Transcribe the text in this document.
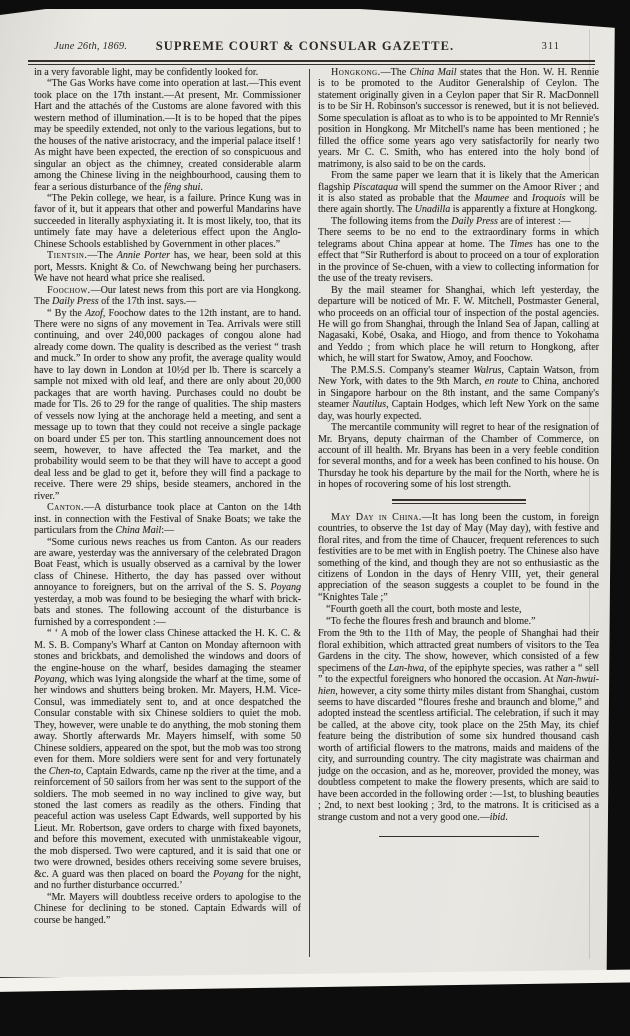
June 26th, 1869.	SUPREME COURT & CONSULAR GAZETTE.	311

in a very favorable light, may be confidently looked for.

“The Gas Works have come into operation at last.—This event took place on the 17th instant.—At present, Mr. Commissioner Hart and the attachés of the Customs are alone favored with this western method of illumination.—It is to be hoped that the pipes may be speedily extended, not only to the various legations, but to the houses of the native aristocracy, and the imperial palace itself ! As might have been expected, the erection of so conspicuous and singular an object as the chimney, created considerable alarm among the Chinese living in the neighbourhood, causing them to fear a serious disturbance of the fêng shui.

“The Pekin college, we hear, is a failure. Prince Kung was in favor of it, but it appears that other and powerful Mandarins have succeeded in literally asphyxiating it. It is most likely, too, that its untimely fate may have a deleterious effect upon the Anglo-Chinese Schools established by Government in other places.”

Tientsin.—The Annie Porter has, we hear, been sold at this port, Messrs. Knight & Co. of Newchwang being her purchasers. We have not heard what price she realised.

Foochow.—Our latest news from this port are via Hongkong. The Daily Press of the 17th inst. says.—

“ By the Azof, Foochow dates to the 12th instant, are to hand. There were no signs of any movement in Tea. Arrivals were still continuing, and over 240,000 packages of congou alone had already come down. The quality is described as the veriest “ trash and muck.” In order to show any profit, the average quality would have to lay down in London at 10½d per lb. There is scarcely a sample not mixed with old leaf, and there are only about 20,000 packages that are worth having. Purchases could no doubt be made for Tls. 26 to 29 for the range of qualities. The ship masters of vessels now lying at the anchorage held a meeting, and sent a message up to town that they could not receive a single package on board under £5 per ton. This startling announcement does not seem, however, to have affected the Tea market, and the probability would seem to be that they will have to accept a good deal less and be glad to get it, before they will find a package to receive. There were 29 ships, beside steamers, anchored in the river.”

Canton.—A disturbance took place at Canton on the 14th inst. in connection with the Festival of Snake Boats; we take the particulars from the China Mail:—

“Some curious news reaches us from Canton. As our readers are aware, yesterday was the anniversary of the celebrated Dragon Boat Feast, which is usually observed as a carnival by the lower class of Chinese. Hitherto, the day has passed over without annoyance to foreigners, but on the arrival of the S. S. Poyang yesterday, a mob was found to be besieging the wharf with brick-bats and stones. The following account of the disturbance is furnished by a correspondent :—

“ ‘ A mob of the lower class Chinese attacked the H. K. C. & M. S. B. Company's Wharf at Canton on Monday afternoon with stones and brickbats, and demolished the windows and doors of the engine-house on the wharf, besides damaging the steamer Poyang, which was lying alongside the wharf at the time, some of her windows and shutters being broken. Mr. Mayers, H.M. Vice-Consul, was immediately sent to, and at once despatched the Consular constable with six Chinese soldiers to quiet the mob. They, however, were unable te do anything, the mob stoning them away. Shortly afterwards Mr. Mayers himself, with some 50 Chinese soldiers, appeared on the spot, but the mob was too strong even for them. More soldiers were sent for and very fortunately the Chen-to, Captain Edwards, came np the river at the time, and a reinforcement of 50 sailors from her was sent to the support of the soldiers. The mob seemed in no way inclined to give way, but stoned the last comers as readily as the others. Finding that peaceful action was useless Capt Edwards, well supported by his Lieut. Mr. Robertson, gave orders to charge with fixed bayonets, and before this movement, executed with unmistakeable vigour, the mob dispersed. Two were captured, and it is said that one or two were drowned, besides others receiving some severe bruises, &c. A guard was then placed on board the Poyang for the night, and no further disturbance occurred.’

“Mr. Mayers will doubtless receive orders to apologise to the Chinese for declining to be stoned. Captain Edwards will of course be hanged.”

Hongkong.—The China Mail states that the Hon. W. H. Rennie is to be promoted to the Auditor Generalship of Ceylon. The statement originally given in a Ceylon paper that Sir R. MacDonnell is to be Sir H. Robinson's successor is renewed, but it is not believed. Some speculation is afloat as to who is to be appointed to Mr Rennie's position in Hongkong. Mr Mitchell's name has been mentioned ; he filled the office some years ago very satisfactorily for nearly two years. Mr C. C. Smith, who has entered into the holy bond of matrimony, is also said to be on the cards.

From the same paper we learn that it is likely that the American flagship Piscataqua will spend the summer on the Amoor River ; and it is also stated as probable that the Maumee and Iroquois will be there again shortly. The Unadilla is apparently a fixture at Hongkong.

The following items from the Daily Press are of interest :—

There seems to be no end to the extraordinary forms in which telegrams about China appear at home. The Times has one to the effect that “Sir Rutherford is about to proceed on a tour of exploration in the province of Se-chuen, with a view to collecting information for the use of the treaty revisers.

By the mail steamer for Shanghai, which left yesterday, the departure will be noticed of Mr. F. W. Mitchell, Postmaster General, who proceeds on an official tour of inspection of the postal agencies. He will go from Shanghai, through the Inland Sea of Japan, calling at Nagasaki, Kobé, Osaka, and Hiogo, and from thence to Yokohama and Yeddo ; from which place he will return to Hongkong, after which, he will start for Swatow, Amoy, and Foochow.

The P.M.S.S. Company's steamer Walrus, Captain Watson, from New York, with dates to the 9th March, en route to China, anchored in Singapore harbour on the 8th instant, and the same Company's steamer Nautilus, Captain Hodges, which left New York on the same day, was hourly expected.

The mercantile community will regret to hear of the resignation of Mr. Bryans, deputy chairman of the Chamber of Commerce, on account of ill health. Mr. Bryans has been in a very feeble condition for several months, and for a week has been confined to his house. On Thursday he took his departure by the mail for the North, where he is in hopes of rocovering some of his lost strength.

May Day in China.—It has long been the custom, in foreign countries, to observe the 1st day of May (May day), with festive and floral rites, and from the time of Chaucer, frequent references to such festivities are to be met with in English poetry. The Chinese also have something of the kind, and though they are not so enthusiastic as the citizens of London in the days of Henry VIII, yet, their general appreciation of the season suggests a couplet to be found in the “Knightes Tale ;”

“Fourth goeth all the court, both moste and leste,
“To feche the floures fresh and braunch and blome.”

From the 9th to the 11th of May, the people of Shanghai had their floral exhibition, which attracted great numbers of visitors to the Tea Gardens in the city. The show, however, which consisted of a few specimens of the Lan-hwa, of the epiphyte species, was rather a “ sell ” to the expectful foreigners who honored the occasion. At Nan-hwui-hien, however, a city some thirty miles distant from Shanghai, custom seems to have discarded “floures freshe and braunch and blome,” and adopted instead the scentless artificial. The celebration, if such it may be called, at the above city, took place on the 25th May, its chief feature being the distribution of some six hundred thousand cash worth of artificial flowers to the matrons, maids and maidens of the city, and surrounding country. The city magistrate was chairman and judge on the occasion, and as he, moreover, provided the money, was doubtless competent to make the flowery presents, which are said to have been accorded in the following order :—1st, to blushing beauties ; 2nd, to next best looking ; 3rd, to the matrons. It is criticised as a strange custom and not a very good one.—ibid.
